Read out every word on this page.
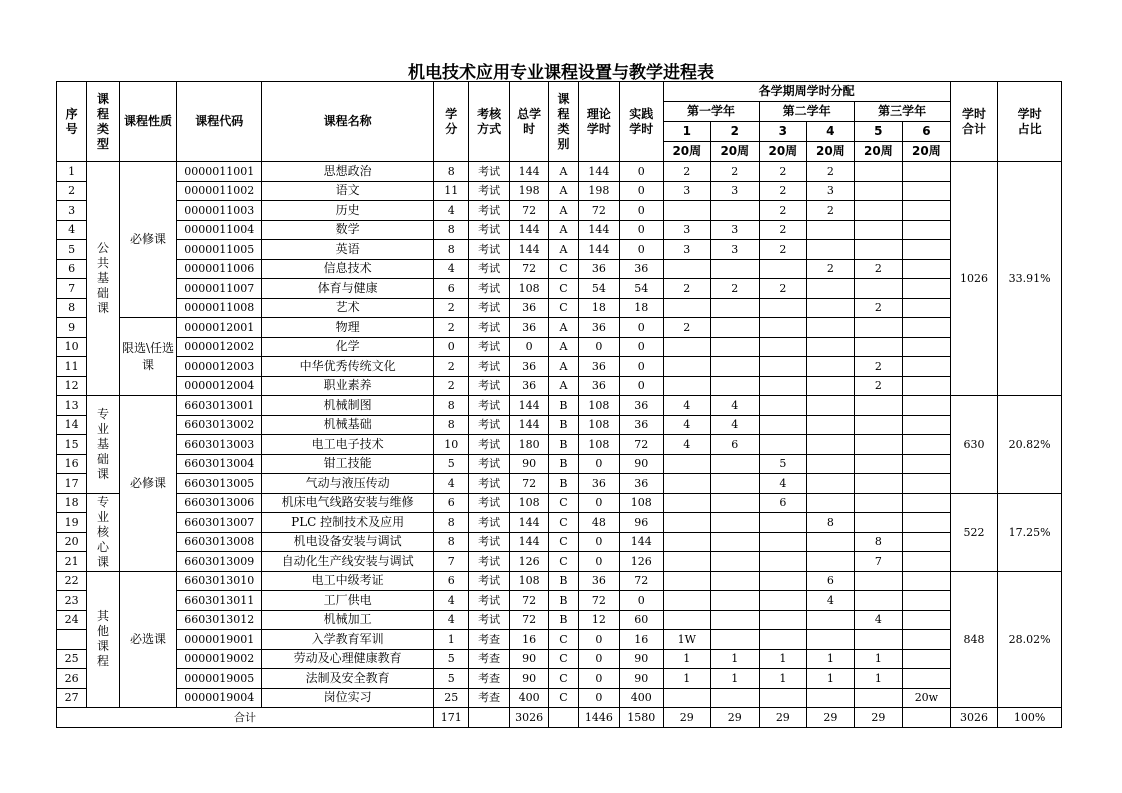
机电技术应用专业课程设置与教学进程表
序号	课程类型	课程性质	课程代码	课程名称	学分	考核方式	总学时	课程类别	理论学时	实践学时	各学期周学时分配						学时合计	学时占比
											第一学年		第二学年		第三学年			
											1	2	3	4	5	6		
											20周	20周	20周	20周	20周	20周		
1	公共基础课	必修课	0000011001	思想政治	8	考试	144	A	144	0	2	2	2	2			1026	33.91%
2			0000011002	语文	11	考试	198	A	198	0	3	3	2	3				
3			0000011003	历史	4	考试	72	A	72	0			2	2				
4			0000011004	数学	8	考试	144	A	144	0	3	3	2					
5			0000011005	英语	8	考试	144	A	144	0	3	3	2					
6			0000011006	信息技术	4	考试	72	C	36	36				2	2			
7			0000011007	体育与健康	6	考试	108	C	54	54	2	2	2					
8			0000011008	艺术	2	考试	36	C	18	18					2			
9		限选\任选课	0000012001	物理	2	考试	36	A	36	0	2							
10			0000012002	化学	0	考试	0	A	0	0								
11			0000012003	中华优秀传统文化	2	考试	36	A	36	0					2			
12			0000012004	职业素养	2	考试	36	A	36	0					2			
13	专业基础课	必修课	6603013001	机械制图	8	考试	144	B	108	36	4	4					630	20.82%
14			6603013002	机械基础	8	考试	144	B	108	36	4	4						
15			6603013003	电工电子技术	10	考试	180	B	108	72	4	6						
16			6603013004	钳工技能	5	考试	90	B	0	90			5					
17			6603013005	气动与液压传动	4	考试	72	B	36	36			4					
18	专业核心课		6603013006	机床电气线路安装与维修	6	考试	108	C	0	108			6				522	17.25%
19			6603013007	PLC 控制技术及应用	8	考试	144	C	48	96				8				
20			6603013008	机电设备安装与调试	8	考试	144	C	0	144					8			
21			6603013009	自动化生产线安装与调试	7	考试	126	C	0	126					7			
22	其他课程	必选课	6603013010	电工中级考证	6	考试	108	B	36	72				6			848	28.02%
23			6603013011	工厂供电	4	考试	72	B	72	0				4				
24			6603013012	机械加工	4	考试	72	B	12	60					4			
			0000019001	入学教育军训	1	考查	16	C	0	16	1W							
25			0000019002	劳动及心理健康教育	5	考查	90	C	0	90	1	1	1	1	1			
26			0000019005	法制及安全教育	5	考查	90	C	0	90	1	1	1	1	1			
27			0000019004	岗位实习	25	考查	400	C	0	400						20w		
合计					171		3026		1446	1580	29	29	29	29	29		3026	100%
